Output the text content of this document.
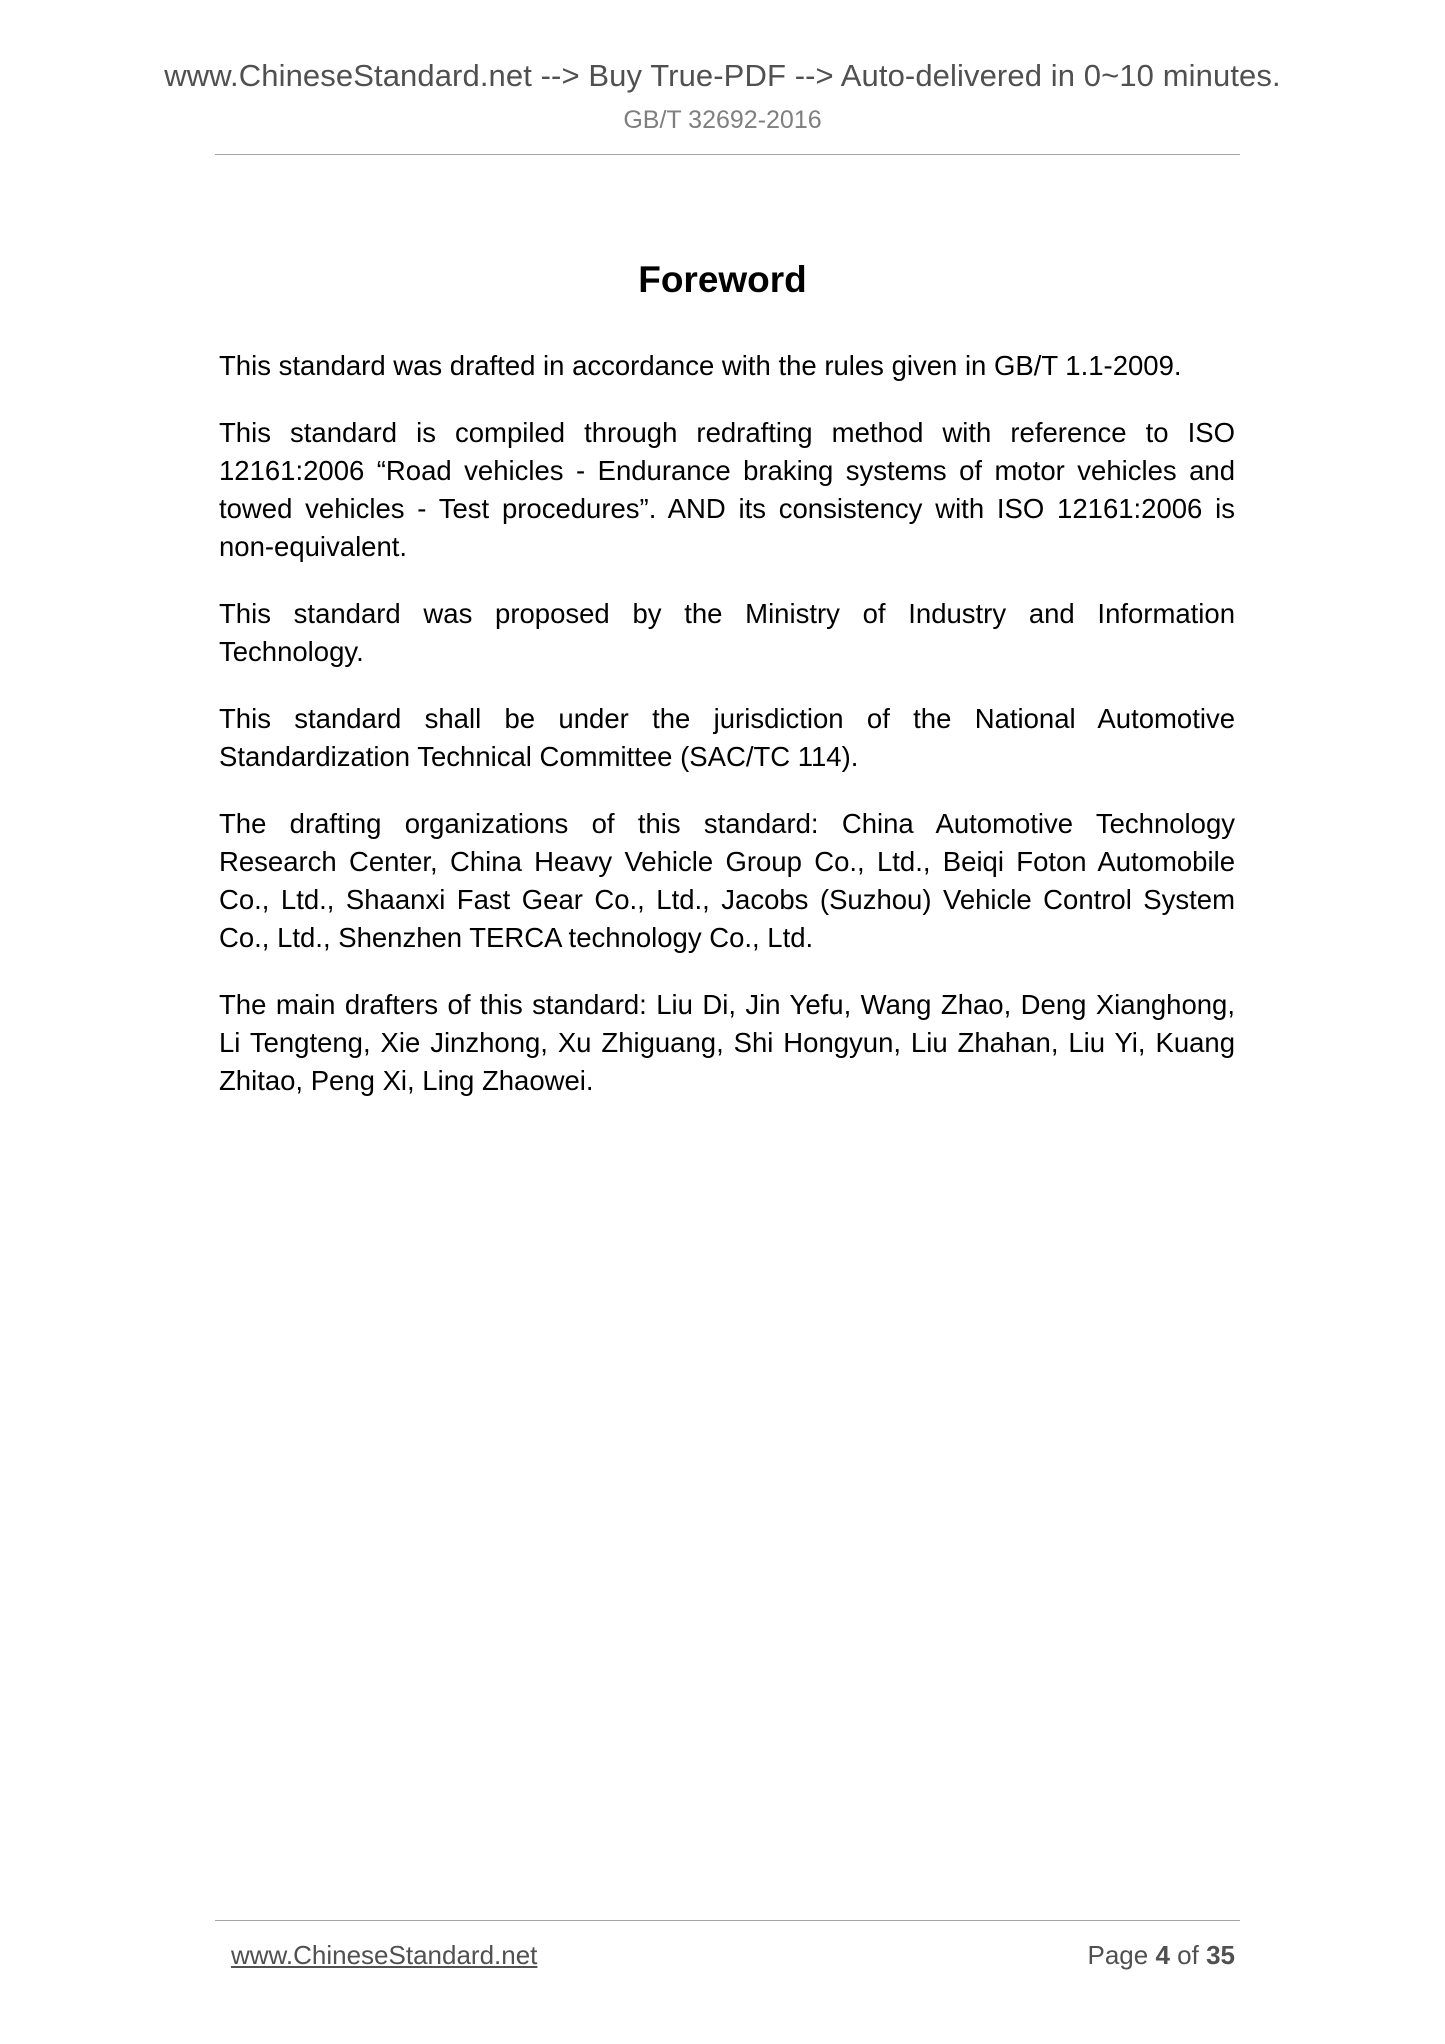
www.ChineseStandard.net --> Buy True-PDF --> Auto-delivered in 0~10 minutes.
GB/T 32692-2016
Foreword

This standard was drafted in accordance with the rules given in GB/T 1.1-2009.

This standard is compiled through redrafting method with reference to ISO 12161:2006 “Road vehicles - Endurance braking systems of motor vehicles and towed vehicles - Test procedures”. AND its consistency with ISO 12161:2006 is non-equivalent.

This standard was proposed by the Ministry of Industry and Information Technology.

This standard shall be under the jurisdiction of the National Automotive Standardization Technical Committee (SAC/TC 114).

The drafting organizations of this standard: China Automotive Technology Research Center, China Heavy Vehicle Group Co., Ltd., Beiqi Foton Automobile Co., Ltd., Shaanxi Fast Gear Co., Ltd., Jacobs (Suzhou) Vehicle Control System Co., Ltd., Shenzhen TERCA technology Co., Ltd.

The main drafters of this standard: Liu Di, Jin Yefu, Wang Zhao, Deng Xianghong, Li Tengteng, Xie Jinzhong, Xu Zhiguang, Shi Hongyun, Liu Zhahan, Liu Yi, Kuang Zhitao, Peng Xi, Ling Zhaowei.

www.ChineseStandard.net	Page 4 of 35
